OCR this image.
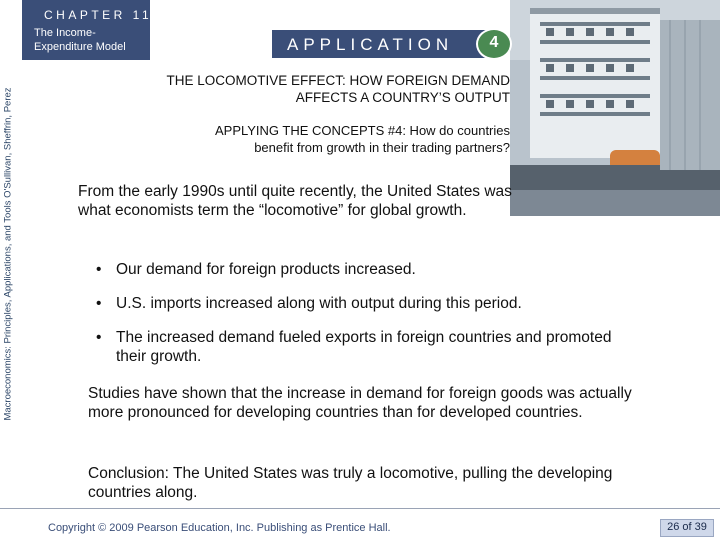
CHAPTER 11
The Income-
Expenditure Model	APPLICATION	4
Macroeconomics: Principles, Applications, and Tools O'Sullivan, Sheffrin, Perez
THE LOCOMOTIVE EFFECT: HOW FOREIGN DEMAND
AFFECTS A COUNTRY’S OUTPUT
APPLYING THE CONCEPTS #4: How do countries
benefit from growth in their trading partners?
From the early 1990s until quite recently, the United States was what economists term the “locomotive” for global growth.
• Our demand for foreign products increased.
• U.S. imports increased along with output during this period.
• The increased demand fueled exports in foreign countries and promoted their growth.
Studies have shown that the increase in demand for foreign goods was actually more pronounced for developing countries than for developed countries.
Conclusion: The United States was truly a locomotive, pulling the developing countries along.
Copyright © 2009 Pearson Education, Inc. Publishing as Prentice Hall.	26 of 39
